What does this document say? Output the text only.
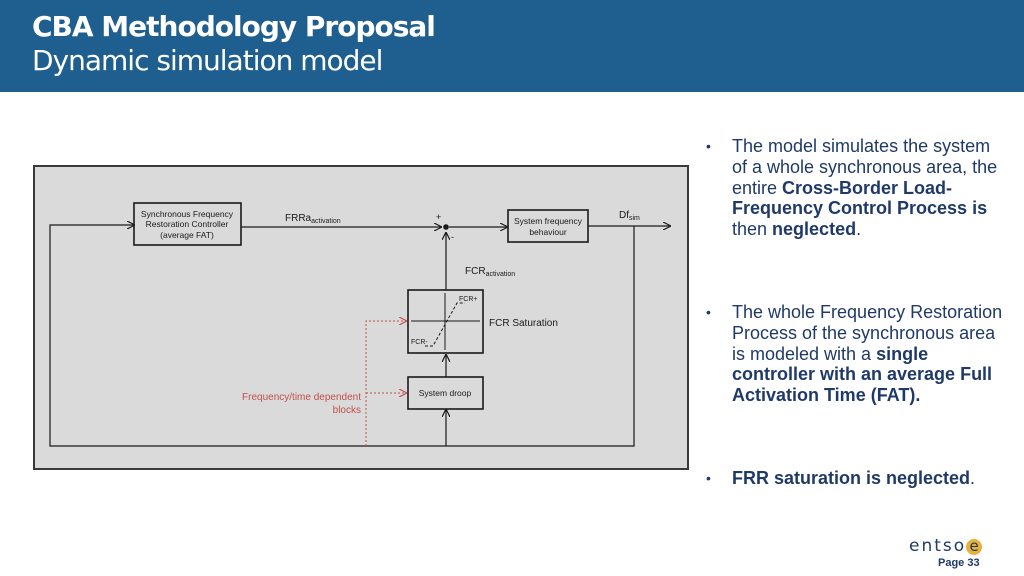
CBA Methodology Proposal
Dynamic simulation model
Synchronous Frequency
Restoration Controller
(average FAT)
FRRa$_{activation}$	+
-
System frequency
behaviour
$Df_{sim}$
System droop
FCR+
FCR-
FCR Saturation
$FCR_{activation}$
Frequency/time dependent
blocks
• The model simulates the system of a whole synchronous area, the entire Cross-Border Load-Frequency Control Process is then neglected.
• The whole Frequency Restoration Process of the synchronous area is modeled with a single controller with an average Full Activation Time (FAT).
• FRR saturation is neglected.
entso e
Page 33
